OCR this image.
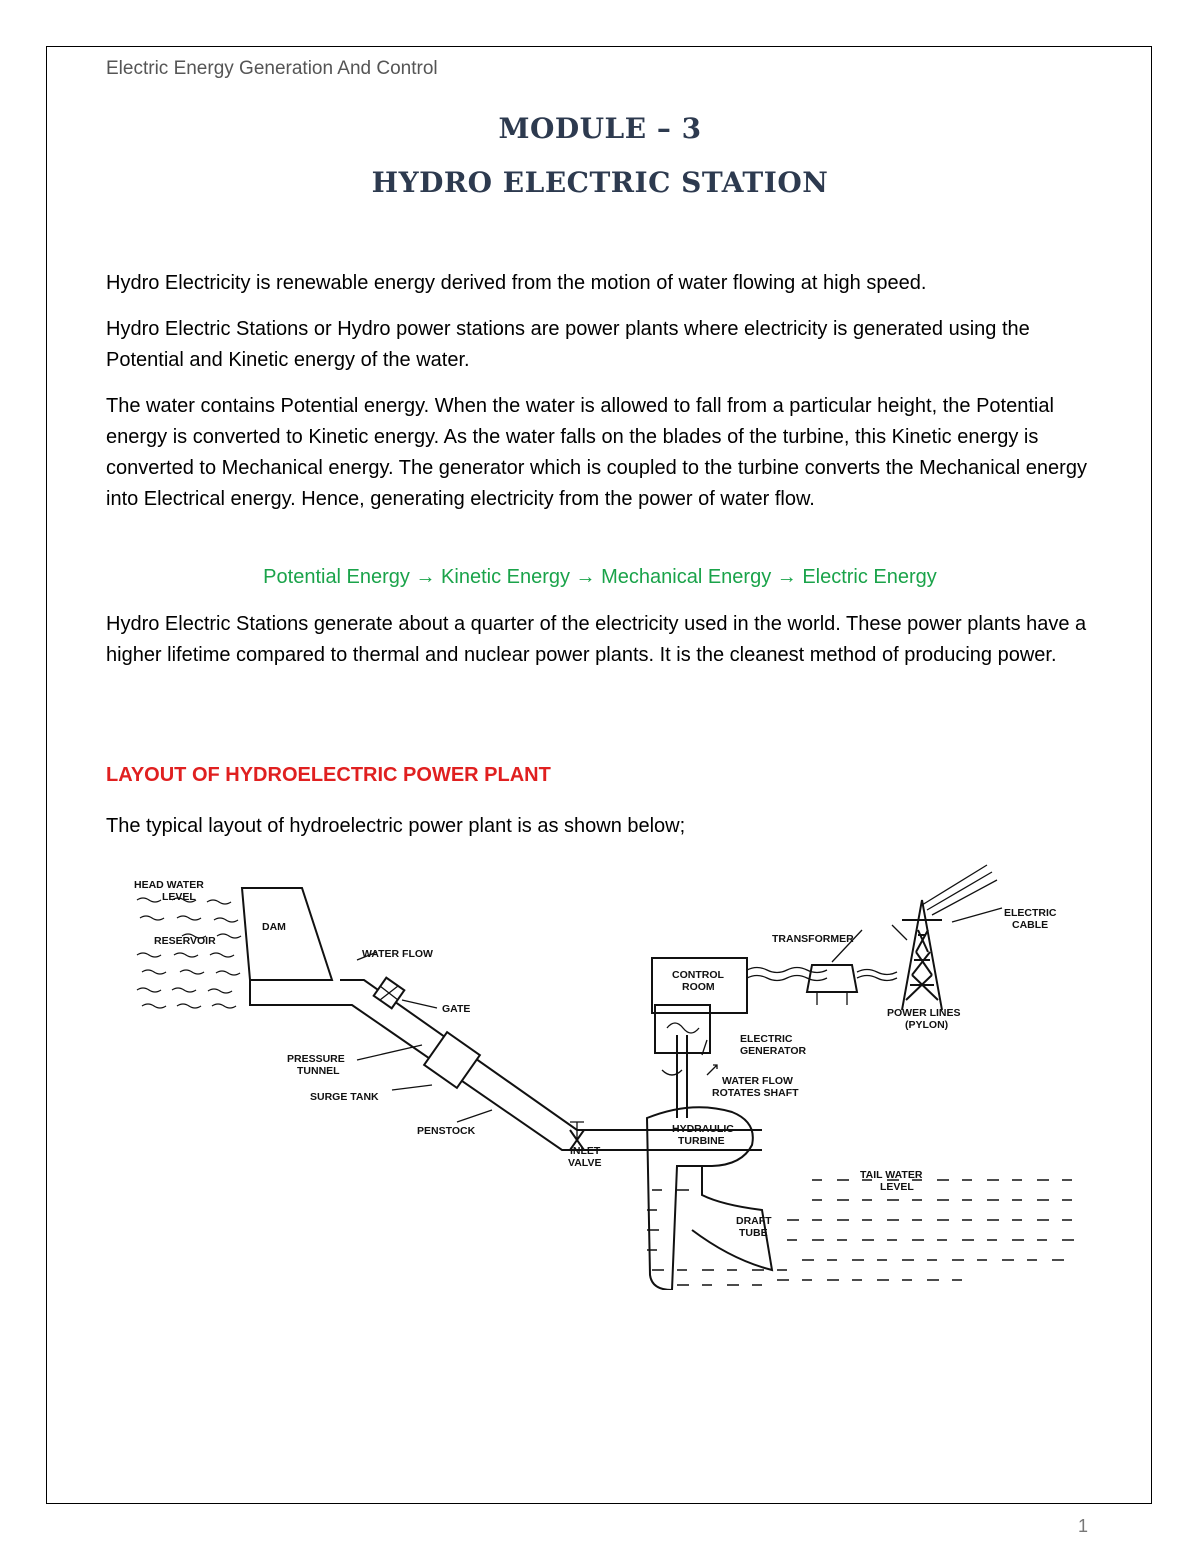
Electric Energy Generation And Control
MODULE – 3
HYDRO ELECTRIC STATION

Hydro Electricity is renewable energy derived from the motion of water flowing at high speed.

Hydro Electric Stations or Hydro power stations are power plants where electricity is generated using the Potential and Kinetic energy of the water.

The water contains Potential energy. When the water is allowed to fall from a particular height, the Potential energy is converted to Kinetic energy. As the water falls on the blades of the turbine, this Kinetic energy is converted to Mechanical energy. The generator which is coupled to the turbine converts the Mechanical energy into Electrical energy. Hence, generating electricity from the power of water flow.

Potential Energy → Kinetic Energy → Mechanical Energy → Electric Energy

Hydro Electric Stations generate about a quarter of the electricity used in the world. These power plants have a higher lifetime compared to thermal and nuclear power plants. It is the cleanest method of producing power.

LAYOUT OF HYDROELECTRIC POWER PLANT

The typical layout of hydroelectric power plant is as shown below;

HEAD WATER
LEVEL
RESERVOIR
DAM
WATER FLOW
GATE
PRESSURE
TUNNEL
SURGE TANK
PENSTOCK
INLET
VALVE
CONTROL
ROOM
TRANSFORMER
ELECTRIC
CABLE
POWER LINES
(PYLON)
ELECTRIC
GENERATOR
WATER FLOW
ROTATES SHAFT
HYDRAULIC
TURBINE
TAIL WATER
LEVEL
DRAFT
TUBE
1
